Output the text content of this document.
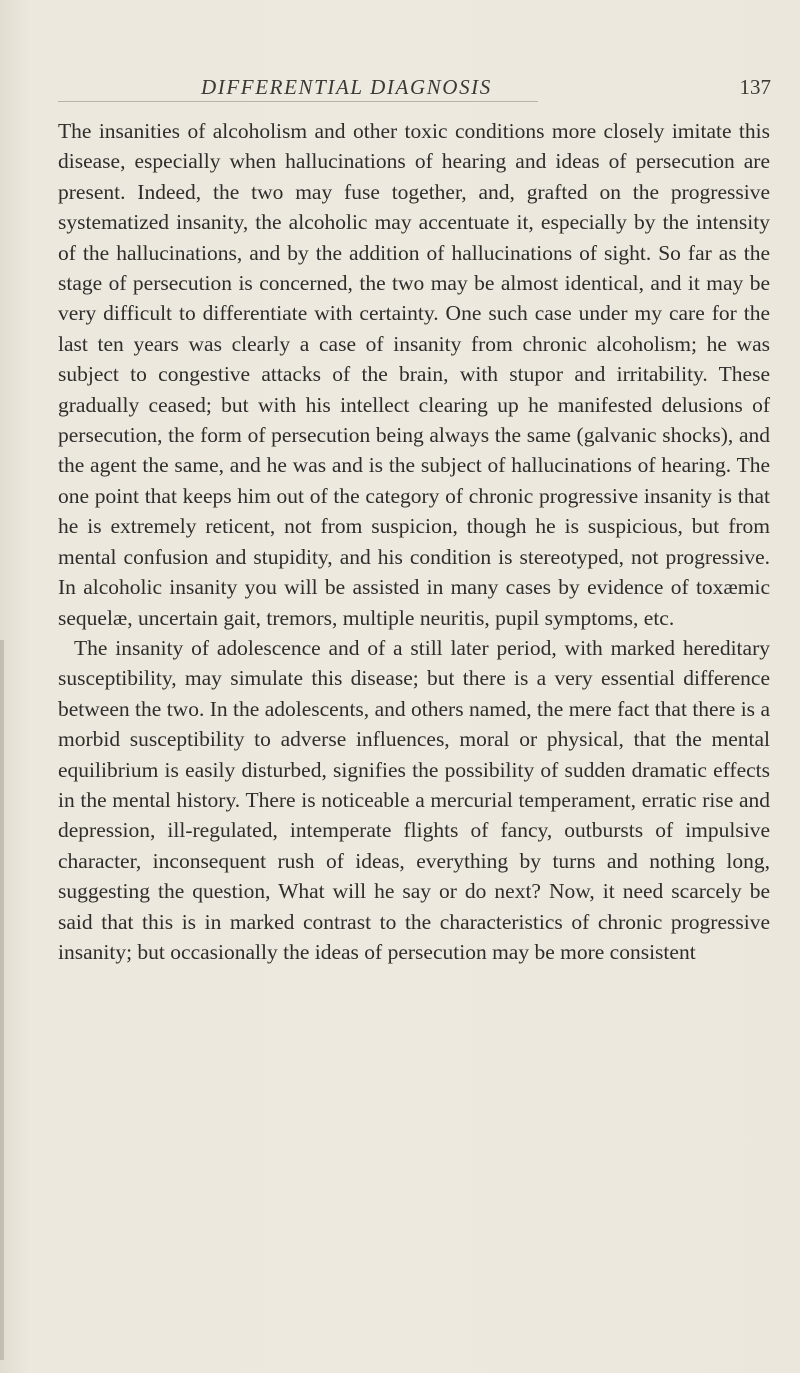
DIFFERENTIAL DIAGNOSIS	137

The insanities of alcoholism and other toxic conditions more closely imitate this disease, especially when hallucinations of hearing and ideas of persecution are present. Indeed, the two may fuse together, and, grafted on the progressive systematized insanity, the alcoholic may accentuate it, especially by the intensity of the hallucinations, and by the addition of hallucinations of sight. So far as the stage of persecution is concerned, the two may be almost identical, and it may be very difficult to differentiate with certainty. One such case under my care for the last ten years was clearly a case of insanity from chronic alcoholism; he was subject to congestive attacks of the brain, with stupor and irritability. These gradually ceased; but with his intellect clearing up he manifested delusions of persecution, the form of persecution being always the same (galvanic shocks), and the agent the same, and he was and is the subject of hallucinations of hearing. The one point that keeps him out of the category of chronic progressive insanity is that he is extremely reticent, not from suspicion, though he is suspicious, but from mental confusion and stupidity, and his condition is stereotyped, not progressive. In alcoholic insanity you will be assisted in many cases by evidence of toxæmic sequelæ, uncertain gait, tremors, multiple neuritis, pupil symptoms, etc.

The insanity of adolescence and of a still later period, with marked hereditary susceptibility, may simulate this disease; but there is a very essential difference between the two. In the adolescents, and others named, the mere fact that there is a morbid susceptibility to adverse influences, moral or physical, that the mental equilibrium is easily disturbed, signifies the possibility of sudden dramatic effects in the mental history. There is noticeable a mercurial temperament, erratic rise and depression, ill-regulated, intemperate flights of fancy, outbursts of impulsive character, inconsequent rush of ideas, everything by turns and nothing long, suggesting the question, What will he say or do next? Now, it need scarcely be said that this is in marked contrast to the characteristics of chronic progressive insanity; but occasionally the ideas of persecution may be more consistent
